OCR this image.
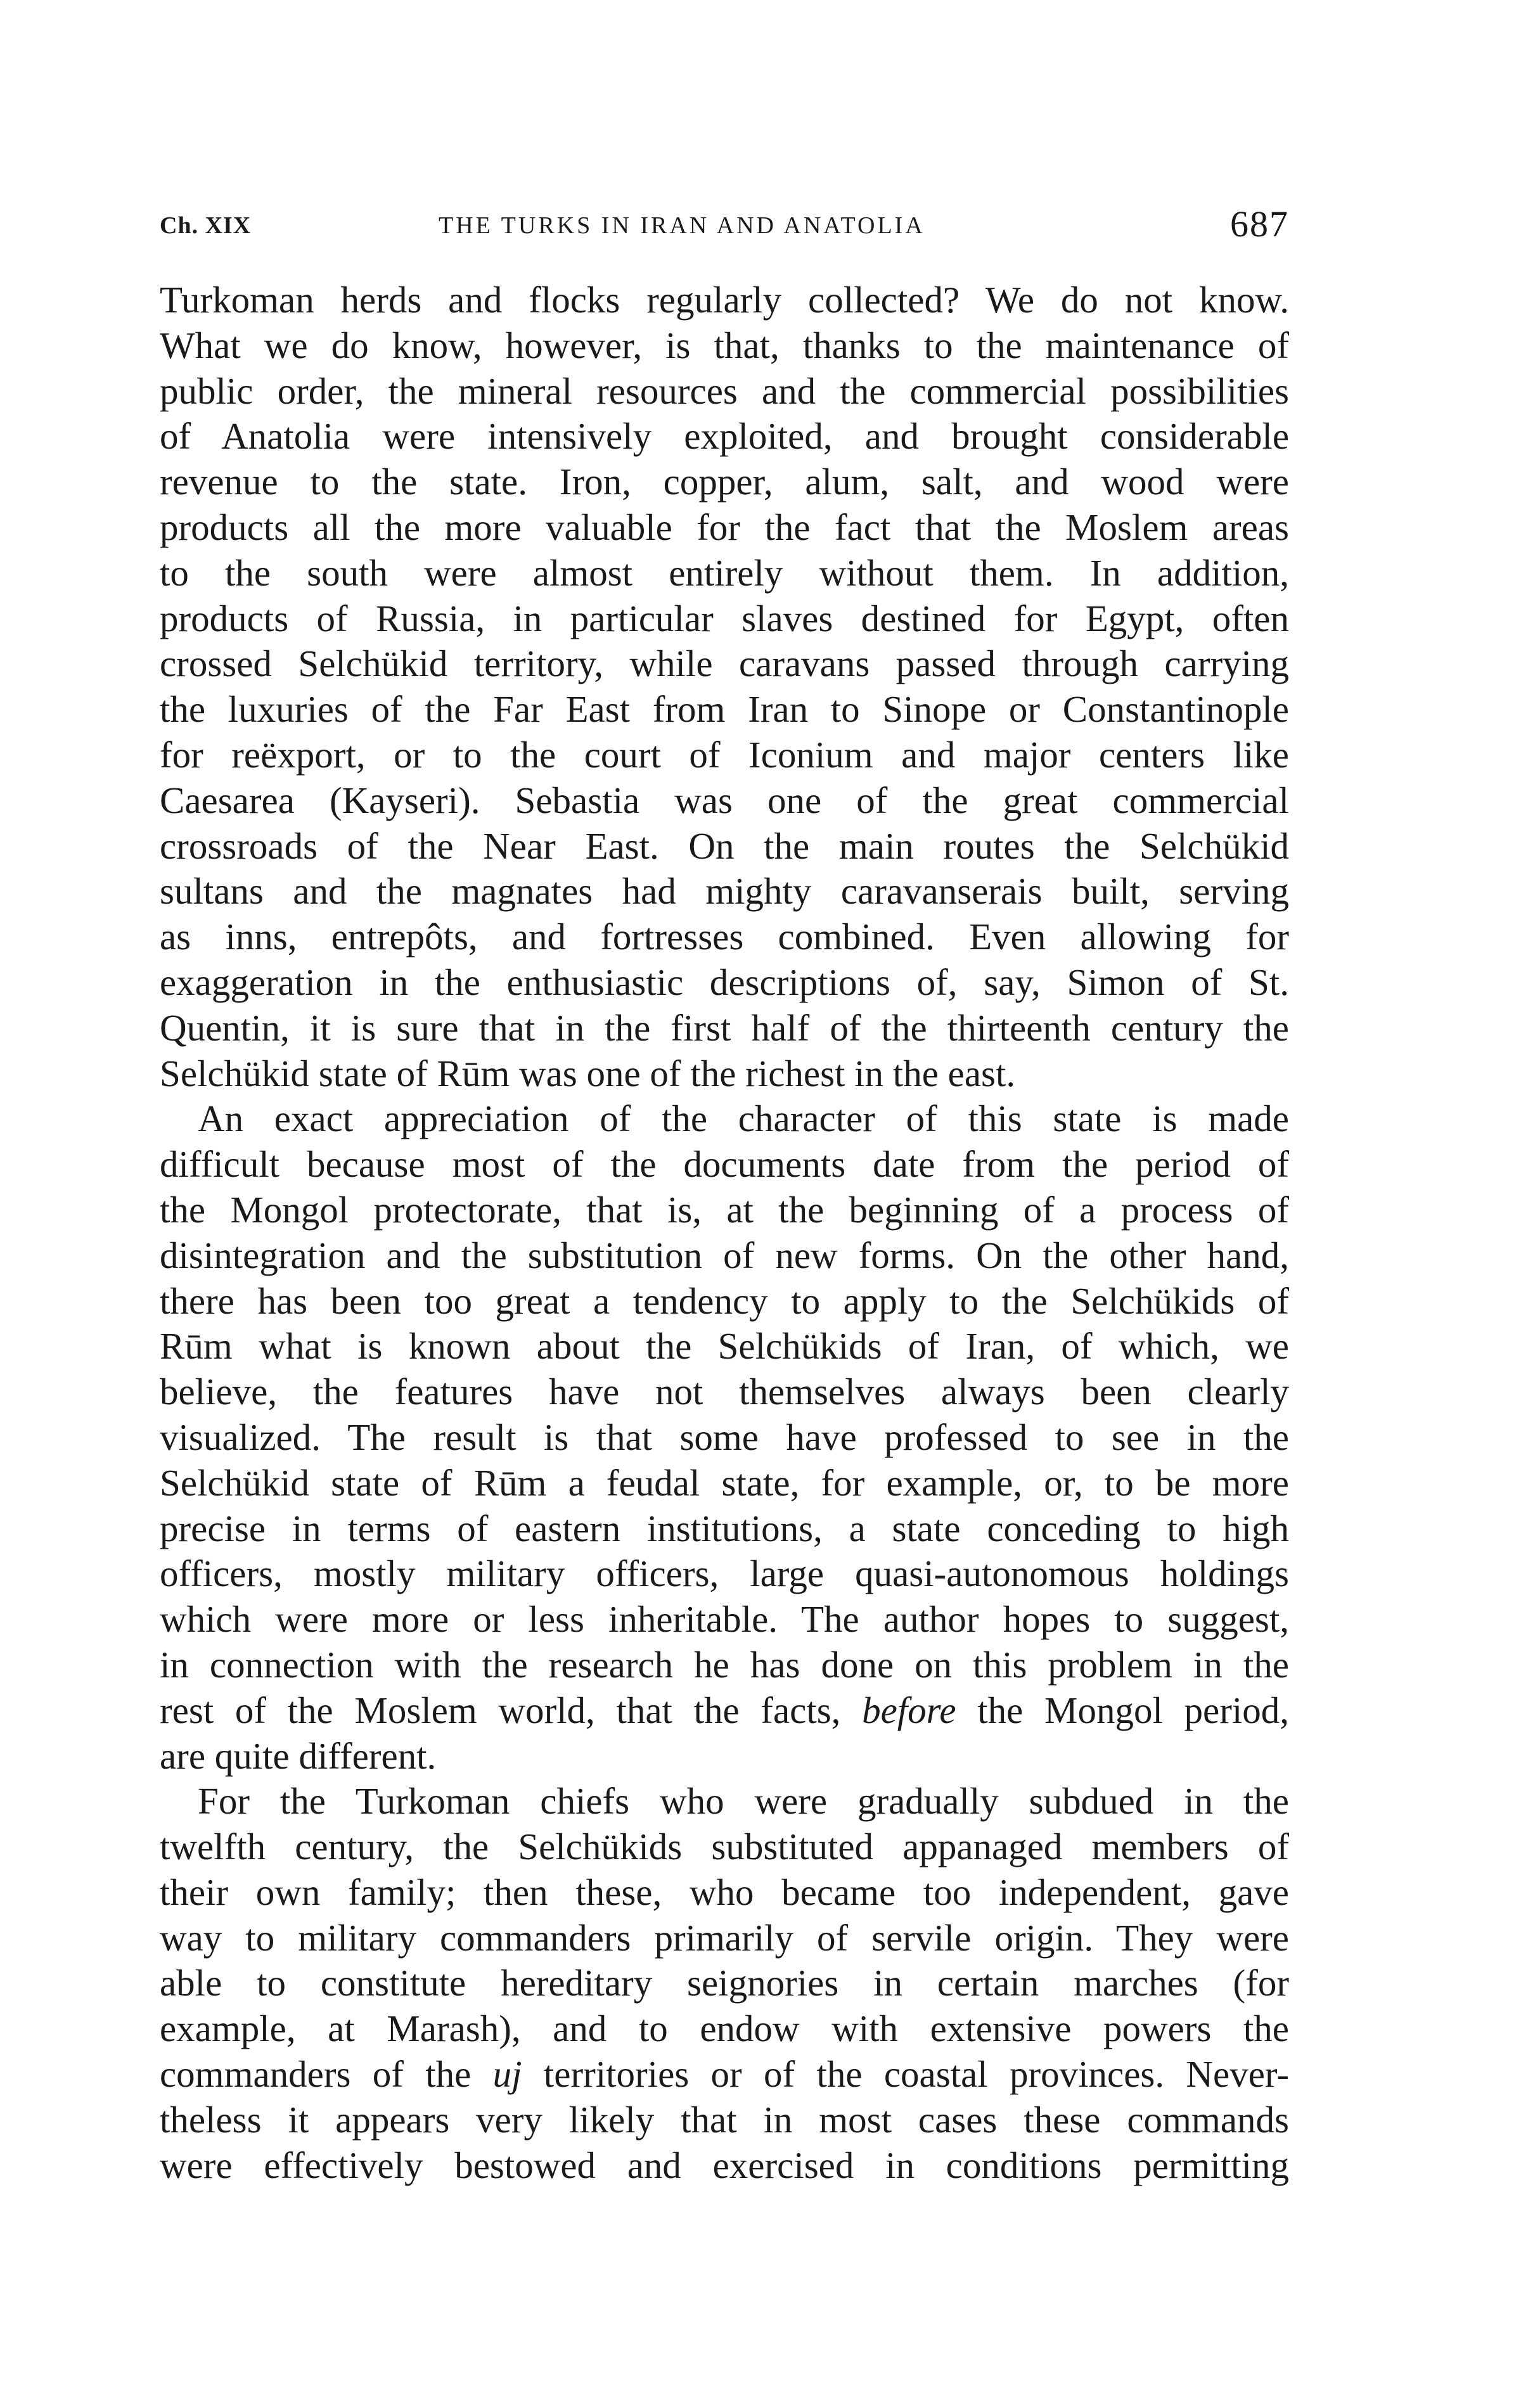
Ch. XIX	THE TURKS IN IRAN AND ANATOLIA	687
Turkoman herds and flocks regularly collected? We do not know.
What we do know, however, is that, thanks to the maintenance of
public order, the mineral resources and the commercial possibilities
of Anatolia were intensively exploited, and brought considerable
revenue to the state. Iron, copper, alum, salt, and wood were
products all the more valuable for the fact that the Moslem areas
to the south were almost entirely without them. In addition,
products of Russia, in particular slaves destined for Egypt, often
crossed Selchükid territory, while caravans passed through carrying
the luxuries of the Far East from Iran to Sinope or Constantinople
for reëxport, or to the court of Iconium and major centers like
Caesarea (Kayseri). Sebastia was one of the great commercial
crossroads of the Near East. On the main routes the Selchükid
sultans and the magnates had mighty caravanserais built, serving
as inns, entrepôts, and fortresses combined. Even allowing for
exaggeration in the enthusiastic descriptions of, say, Simon of St.
Quentin, it is sure that in the first half of the thirteenth century the
Selchükid state of Rūm was one of the richest in the east.
An exact appreciation of the character of this state is made
difficult because most of the documents date from the period of
the Mongol protectorate, that is, at the beginning of a process of
disintegration and the substitution of new forms. On the other hand,
there has been too great a tendency to apply to the Selchükids of
Rūm what is known about the Selchükids of Iran, of which, we
believe, the features have not themselves always been clearly
visualized. The result is that some have professed to see in the
Selchükid state of Rūm a feudal state, for example, or, to be more
precise in terms of eastern institutions, a state conceding to high
officers, mostly military officers, large quasi-autonomous holdings
which were more or less inheritable. The author hopes to suggest,
in connection with the research he has done on this problem in the
rest of the Moslem world, that the facts, before the Mongol period,
are quite different.
For the Turkoman chiefs who were gradually subdued in the
twelfth century, the Selchükids substituted appanaged members of
their own family; then these, who became too independent, gave
way to military commanders primarily of servile origin. They were
able to constitute hereditary seignories in certain marches (for
example, at Marash), and to endow with extensive powers the
commanders of the uj territories or of the coastal provinces. Never-
theless it appears very likely that in most cases these commands
were effectively bestowed and exercised in conditions permitting
